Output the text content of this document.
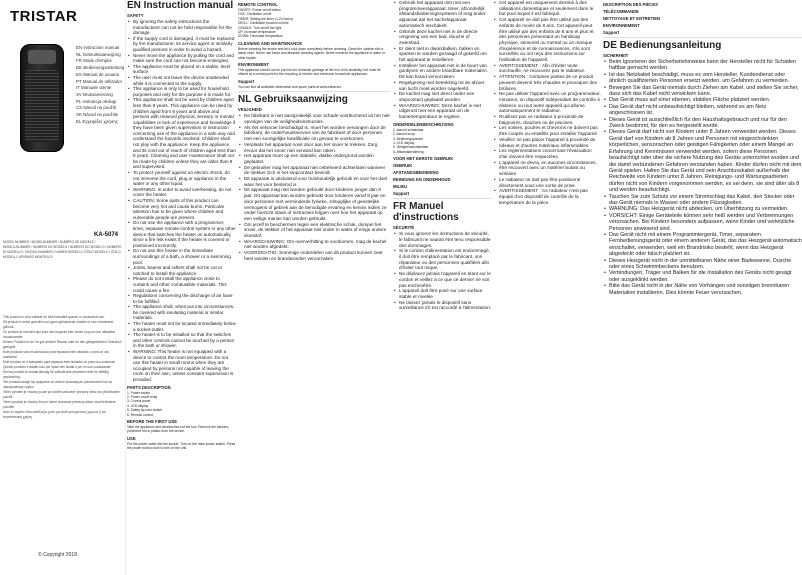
TRISTAR
EN Instruction manual
NL Gebruiksaanwijzing
FR Mode d'emploi
DE Bedienungsanleitung
ES Manual de usuario
PT Manual de utilizador
IT Manuale utente
SV Bruksanvisning
PL Instrukcja obsługi
CS Návod na použití
SK Návod na použitie
EL Εγχειρίδιο χρήσης
KA-5074

MODEL NUMBER / MODELNUMMER / NUMÉRO DE MODÈLE / MODELLNUMMER / NÚMERO DE MODELO / NÚMERO DO MODELO / NUMERO DI MODELLO / MODELLNUMMER / NUMER MODELU / ČÍSLO MODELU / ČÍSLO MODELU / ΑΡΙΘΜΟΣ ΜΟΝΤΕΛΟΥ

This product is only suitable for well-insulated spaces or occasional use.

Dit product is enkel geschikt voor goed geïsoleerde ruimtes of voor incidenteel gebruik.

Ce produit ne convient que pour des espaces bien isolés ou pour une utilisation occasionnelle.

Dieses Produkt ist nur für gut isolierte Räume oder für den gelegentlichen Gebrauch geeignet.

Este producto sólo es adecuado para espacios bien aislados o para un uso ocasional.

Este produto só é adequado para espaços bem isolados ou para uso ocasional.

Questo prodotto è adatto solo per spazi ben isolati o per un uso occasionale.

Denna produkt är endast lämplig för välisolerade utrymmen eller för tillfällig användning.

Ten produkt nadaje się wyłącznie do dobrze izolowanych pomieszczeń lub do okazjonalnego użytku.

Tento výrobek je vhodný pouze pro dobře izolované prostory nebo pro příležitostné použití.

Tento výrobok je vhodný iba pre dobre izolované priestory alebo na príležitostné použitie.

Αυτό το προϊόν είναι κατάλληλο μόνο για καλά μονωμένους χώρους ή για περιστασιακή χρήση.

© Copyright 2018
EN Instruction manual
SAFETY
• By ignoring the safety instructions the manufacturer can not be held responsible for the damage.
• If the supply cord is damaged, it must be replaced by the manufacturer, its service agent or similarly qualified persons in order to avoid a hazard.
• Never move the appliance by pulling the cord and make sure the cord can not become entangled.
• The appliance must be placed on a stable, level surface.
• The user must not leave the device unattended while it is connected to the supply.
• This appliance is only to be used for household purposes and only for the purpose it is made for.
• This appliance shall not be used by children aged less than 8 years. This appliance can be used by children aged from 8 years and above and persons with reduced physical, sensory or mental capabilities or lack of experience and knowledge if they have been given supervision or instruction concerning use of the appliance in a safe way and understand the hazards involved. Children shall not play with the appliance. Keep the appliance and its cord out of reach of children aged less than 8 years. Cleaning and user maintenance shall not be made by children unless they are older than 8 and supervised.
• To protect yourself against an electric shock, do not immerse the cord, plug or appliance in the water or any other liquid.
• WARNING: In order to avoid overheating, do not cover the heater.
• CAUTION: Some parts of this product can become very hot and cause burns. Particular attention has to be given where children and vulnerable people are present.
• Do not use the appliance with a programmer, timer, separate remote-control system or any other device that switches the heater on automatically, since a fire risk exists if the heater is covered or positioned incorrectly.
• Do not use this heater in the immediate surroundings of a bath, a shower or a swimming pool.
• Joints, beams and rafters shall not be cut or notched to install the appliance.
• Please do not install the appliance close to curtains and other combustible materials. This could cause a fire.
• Regulations concerning the discharge of air have to be fulfilled.
• The appliance shall, when put into circumstances, be covered with insulating material or similar materials.
• The heater must not be located immediately below a socket-outlet.
• The heater is to be installed so that the switches and other controls cannot be touched by a person in the bath or shower.
• WARNING: This heater is not equipped with a device to control the room temperature. Do not use this heater in small rooms when they are occupied by persons not capable of leaving the room on their own, unless constant supervision is provided.
PARTS DESCRIPTION
1. Power switch
2. Power on/off relay
3. Control panel
4. LED display
5. Safety tip-over switch
6. Remote control
BEFORE THE FIRST USE

Take the appliance and accessories out the box. Remove the stickers, protective foil or plastic from the device.

USE

Put the power cable into the socket. Turn on the main power switch. Press the power button once to turn on the unit.

REMOTE CONTROL
ON/OFF: Power on/off button
OSC: Oscillation on/off
TIMER: Setting the timer (1-24 hours)
DEG-L: Oscillation function control
CRADLE: Turn on/off the light
UP: Increase temperature
DOWN: Decrease temperature
CLEANING AND MAINTENANCE

Before cleaning the device and let it cool down completely before cleaning. Clean the outside with a damp cloth. Never use harsh and abrasive cleaning agents. Never immerse the appliance in water or other liquids.

ENVIRONMENT

This appliance should not be put into the domestic garbage at the end of its durability, but must be offered at a central point for the recycling of electric and electronic household appliances.

Support

You can find all available information and spare parts at www.tristar.eu!

NL Gebruiksaanwijzing
VEILIGHEID
• De fabrikant is niet aansprakelijk voor schade voortkomend uit het niet opvolgen van de veiligheidsinstructies.
• Als het netsnoer beschadigd is, moet het worden vervangen door de fabrikant, de onderhoudsservice van de fabrikant of door personen met een soortgelijke kwalificatie om gevaar te voorkomen.
• Verplaats het apparaat nooit door aan het snoer te trekken. Zorg ervoor dat het snoer niet verward kan raken.
• Het apparaat moet op een stabiele, vlakke ondergrond worden geplaatst.
• De gebruiker mag het apparaat niet onbeheerd achterlaten wanneer de stekker zich in het stopcontact bevindt.
• Dit apparaat is uitsluitend voor huishoudelijk gebruik en voor het doel waar het voor bestemd is.
• Dit apparaat mag niet worden gebruikt door kinderen jonger dan 8 jaar. Dit apparaat kan worden gebruikt door kinderen vanaf 8 jaar en door personen met verminderde fysieke, zintuiglijke of geestelijke vermogens of gebrek aan de benodigde ervaring en kennis indien ze onder toezicht staan of instructies krijgen over hoe het apparaat op een veilige manier kan worden gebruikt.
• Om jezelf te beschermen tegen een elektrische schok, dompel het snoer, de stekker of het apparaat niet onder in water of enige andere vloeistof.
• WAARSCHUWING: Om oververhitting te voorkomen, mag de kachel niet worden afgedekt.
• VOORZICHTIG: Sommige onderdelen van dit product kunnen zeer heet worden en brandwonden veroorzaken.
• Gebruik het apparaat niet met een programmeerapparaat, timer, afzonderlijk afstandsbedieningssysteem of enig ander apparaat dat het kachelapparaat automatisch inschakelt.
• Gebruik deze kachel niet in de directe omgeving van een bad, douche of zwembad.
• Er dient niet in dwarsbalken, balken en spanten te worden gezaagd of gekerfd om het apparaat te installeren.
• Installeer het apparaat niet in de buurt van gordijnen en andere brandbare materialen. Dit kan brand veroorzaken.
• Regelgeving met betrekking tot de afvoer van lucht moet worden nageleefd.
• De kachel mag niet direct onder een stopcontact geplaatst worden.
• WAARSCHUWING: Deze kachel is niet uitgerust met een apparaat om de kamertemperatuur te regelen.
ONDERDELENBESCHRIJVING
1. Aan/uit schakelaar
2. Aan/uit knop
3. Bedieningspaneel
4. LED display
5. Veiligheidsschakelaar
6. Afstandsbediening
VOOR HET EERSTE GEBRUIK
GEBRUIK
AFSTANDSBEDIENING
REINIGING EN ONDERHOUD
MILIEU
Support
FR Manuel d'instructions
SÉCURITÉ
• Si vous ignorez les instructions de sécurité, le fabricant ne saurait être tenu responsable des dommages.
• Si le cordon d'alimentation est endommagé, il doit être remplacé par le fabricant, son réparateur ou des personnes qualifiées afin d'éviter tout risque.
• Ne déplacez jamais l'appareil en tirant sur le cordon et veillez à ce que ce dernier ne soit pas enchevêtré.
• L'appareil doit être posé sur une surface stable et nivelée.
• Ne laissez jamais le dispositif sans surveillance s'il est raccordé à l'alimentation.
• Cet appareil est uniquement destiné à des utilisations domestiques et seulement dans le but pour lequel il est fabriqué.
• Cet appareil ne doit pas être utilisé par des enfants de moins de 8 ans. Cet appareil peut être utilisé par des enfants de 8 ans et plus et des personnes présentant un handicap physique, sensoriel ou mental ou un manque d'expérience et de connaissances, s'ils sont surveillés ou ont reçu des instructions sur l'utilisation de l'appareil.
• AVERTISSEMENT : Afin d'éviter toute surchauffe, ne recouvrez pas le radiateur.
• ATTENTION : Certaines parties de ce produit peuvent devenir très chaudes et provoquer des brûlures.
• Ne pas utiliser l'appareil avec un programmateur, minuteur, un dispositif indépendant de contrôle à distance ou tout autre appareil qui allume automatiquement le radiateur.
• N'utilisez pas ce radiateur à proximité de baignoires, douches ou de piscines.
• Les solives, poutres et chevrons ne doivent pas être coupés ou entaillés pour installer l'appareil.
• Veuillez ne pas placer l'appareil à proximité de rideaux et d'autres matériaux inflammables.
• Les réglementations concernant l'évacuation d'air doivent être respectées.
• L'appareil ne devra, en aucunes circonstances, être recouvert avec un matériel isolant ou similaire.
• Le radiateur ne doit pas être positionné directement sous une sortie de prise.
• AVERTISSEMENT : Ce radiateur n'est pas équipé d'un dispositif de contrôle de la température de la pièce.
DESCRIPTION DES PIÈCES
TÉLÉCOMMANDE
NETTOYAGE ET ENTRETIEN
ENVIRONNEMENT
Support
DE Bedienungsanleitung
SICHERHEIT
• Beim Ignorieren der Sicherheitshinweise kann der Hersteller nicht für Schäden haftbar gemacht werden.
• Ist das Netzkabel beschädigt, muss es vom Hersteller, Kundendienst oder ähnlich qualifizierten Personen ersetzt werden, um Gefahren zu vermeiden.
• Bewegen Sie das Gerät niemals durch Ziehen am Kabel, und stellen Sie sicher, dass sich das Kabel nicht verwickeln kann.
• Das Gerät muss auf einer ebenen, stabilen Fläche platziert werden.
• Das Gerät darf nicht unbeaufsichtigt bleiben, während es am Netz angeschlossen ist.
• Dieses Gerät ist ausschließlich für den Haushaltsgebrauch und nur für den Zweck bestimmt, für den es hergestellt wurde.
• Dieses Gerät darf nicht von Kindern unter 8 Jahren verwendet werden. Dieses Gerät darf von Kindern ab 8 Jahren und Personen mit eingeschränkten körperlichen, sensorischen oder geistigen Fähigkeiten oder einem Mangel an Erfahrung und Kenntnissen verwendet werden, sofern diese Personen beaufsichtigt oder über die sichere Nutzung des Geräts unterrichtet wurden und die damit verbundenen Gefahren verstanden haben. Kinder dürfen nicht mit dem Gerät spielen. Halten Sie das Gerät und sein Anschlusskabel außerhalb der Reichweite von Kindern unter 8 Jahren. Reinigungs- und Wartungsarbeiten dürfen nicht von Kindern vorgenommen werden, es sei denn, sie sind älter als 8 und werden beaufsichtigt.
• Tauchen Sie zum Schutz vor einem Stromschlag das Kabel, den Stecker oder das Gerät niemals in Wasser oder andere Flüssigkeiten.
• WARNUNG: Das Heizgerät nicht abdecken, um Überhitzung zu vermeiden.
• VORSICHT: Einige Geräteteile können sehr heiß werden und Verbrennungen verursachen. Bei Kindern besonders aufpassen, wenn Kinder und verletzliche Personen anwesend sind.
• Das Gerät nicht mit einem Programmiergerät, Timer, separatem Fernbedienungsgerät oder einem anderen Gerät, das das Heizgerät automatisch einschaltet, verwenden, weil ein Brandrisiko besteht, wenn das Heizgerät abgedeckt oder falsch platziert ist.
• Dieses Heizgerät nicht in der unmittelbaren Nähe einer Badewanne, Dusche oder eines Schwimmbeckens benutzen.
• Verbindungen, Träger und Balken für die Installation des Geräts nicht gesägt oder ausgeklinkt werden.
• Bitte das Gerät nicht in der Nähe von Vorhängen und sonstigen brennbaren Materialien installieren. Dies könnte Feuer verursachen.
